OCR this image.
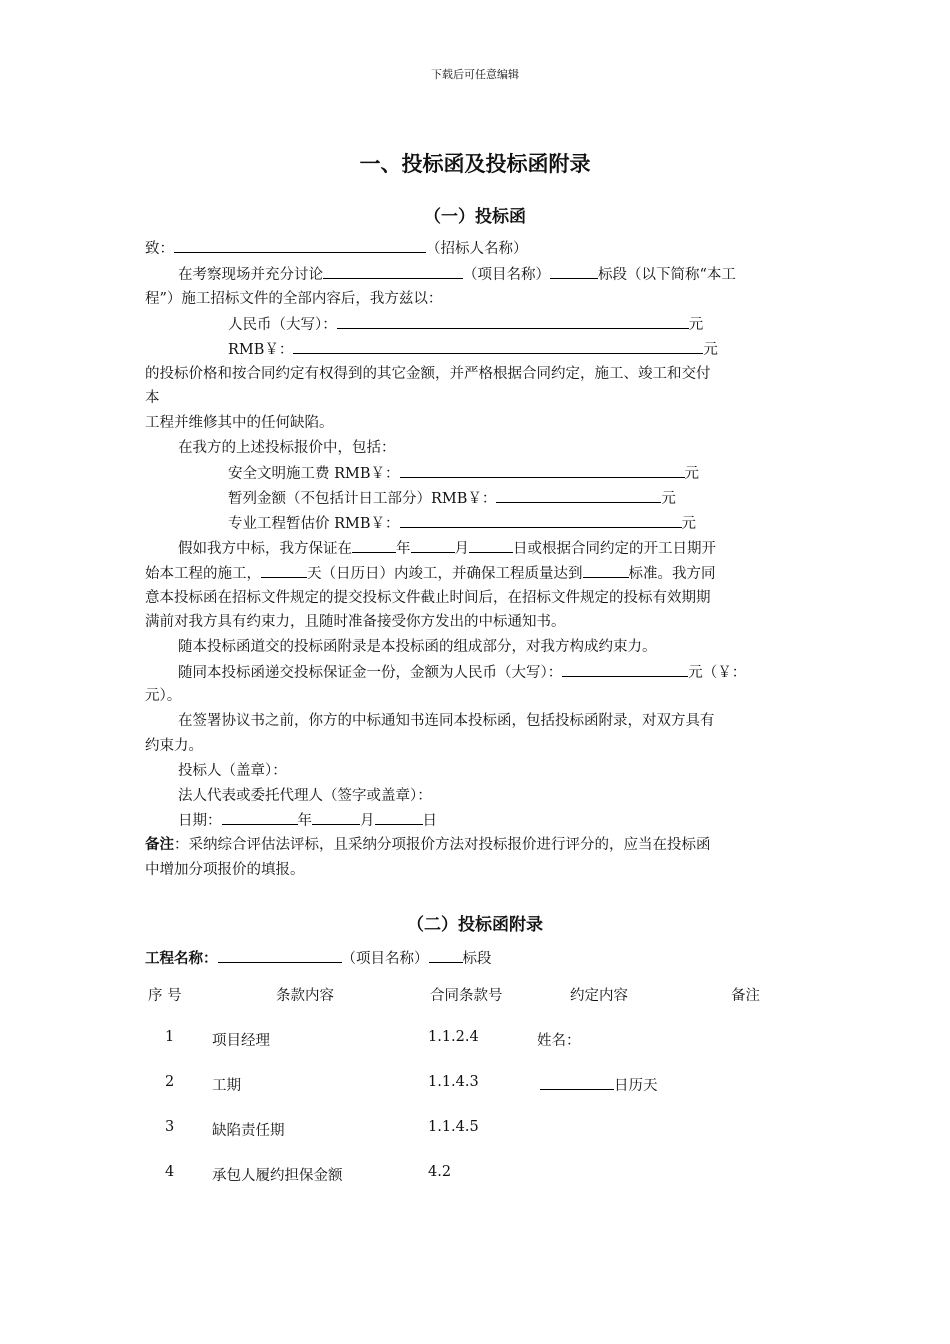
下载后可任意编辑
一、投标函及投标函附录
（一）投标函
致：	（招标人名称）
在考察现场并充分讨论	（项目名称）	标段（以下简称“本工
程”）施工招标文件的全部内容后，我方兹以：
人民币（大写）：	元
RMB￥：	元
的投标价格和按合同约定有权得到的其它金额，并严格根据合同约定，施工、竣工和交付
本
工程并维修其中的任何缺陷。
在我方的上述投标报价中，包括：
安全文明施工费 RMB￥：	元
暂列金额（不包括计日工部分）RMB￥：	元
专业工程暂估价 RMB￥：	元
假如我方中标，我方保证在	年	月	日或根据合同约定的开工日期开
始本工程的施工，	天（日历日）内竣工，并确保工程质量达到	标准。我方同
意本投标函在招标文件规定的提交投标文件截止时间后，在招标文件规定的投标有效期期
满前对我方具有约束力，且随时准备接受你方发出的中标通知书。
随本投标函道交的投标函附录是本投标函的组成部分，对我方构成约束力。
随同本投标函递交投标保证金一份，金额为人民币（大写）：	元（￥：
元）。
在签署协议书之前，你方的中标通知书连同本投标函，包括投标函附录，对双方具有
约束力。
投标人（盖章）：
法人代表或委托代理人（签字或盖章）：
日期：	年	月	日
备注：采纳综合评估法评标，且采纳分项报价方法对投标报价进行评分的，应当在投标函
中增加分项报价的填报。
（二）投标函附录
工程名称：	（项目名称） 标段
序 号	条款内容	合同条款号	约定内容	备注
1	项目经理	1.1.2.4	姓名：
2	工期	1.1.4.3	日历天
3	缺陷责任期	1.1.4.5
4	承包人履约担保金额	4.2
